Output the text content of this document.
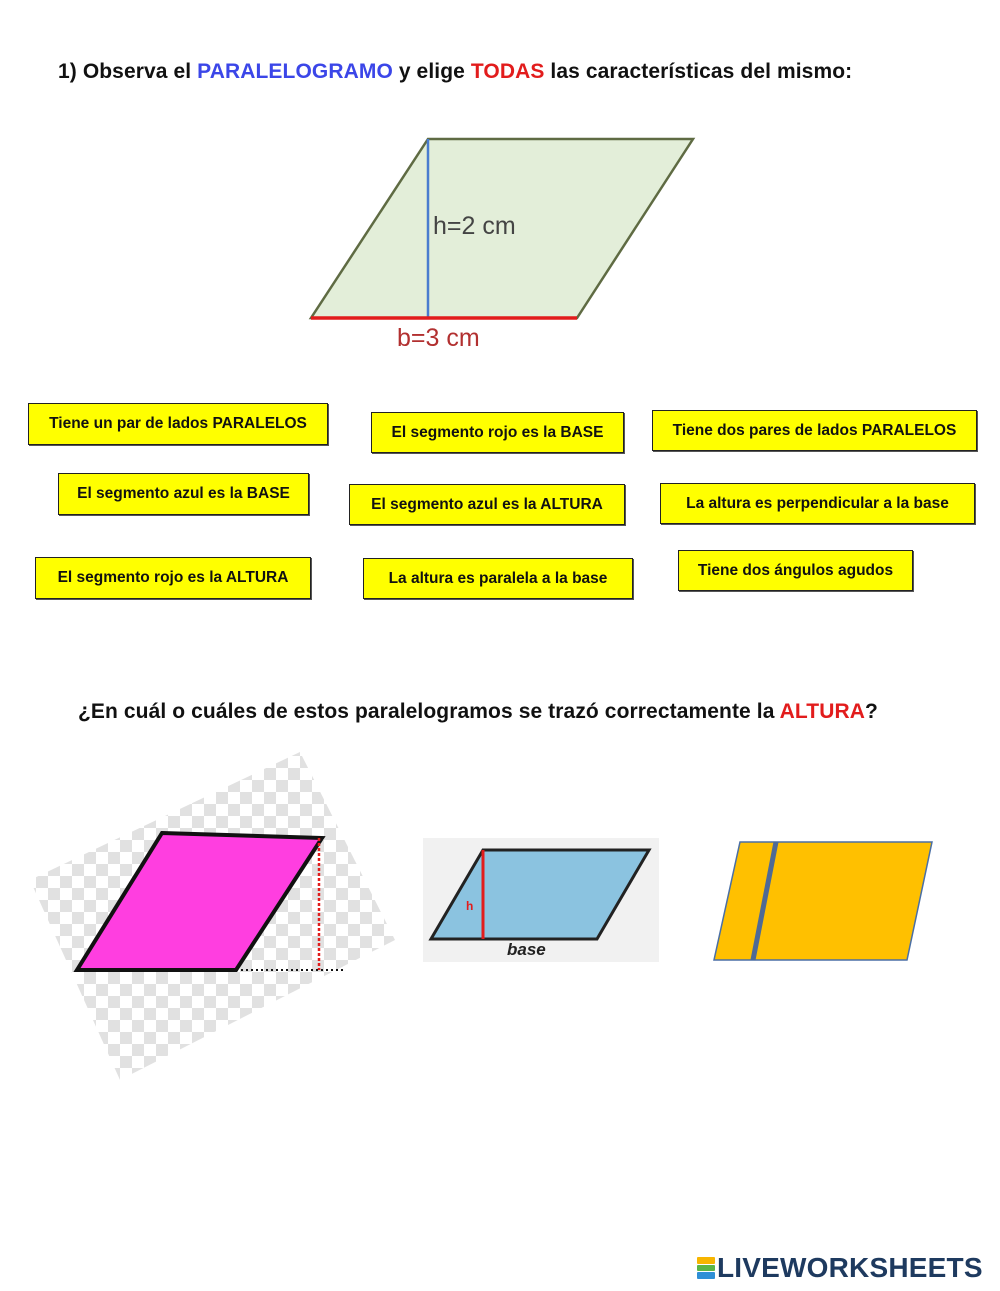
1) Observa el PARALELOGRAMO y elige TODAS las características del mismo:
h=2 cm
b=3 cm
Tiene un par de lados PARALELOS	El segmento rojo es la BASE	Tiene dos pares de lados PARALELOS
El segmento azul es la BASE
El segmento azul es la ALTURA	La altura es perpendicular a la base
El segmento rojo es la ALTURA	La altura es paralela a la base	Tiene dos ángulos agudos
¿En cuál o cuáles de estos paralelogramos se trazó correctamente la ALTURA?
h
base
LIVEWORKSHEETS
